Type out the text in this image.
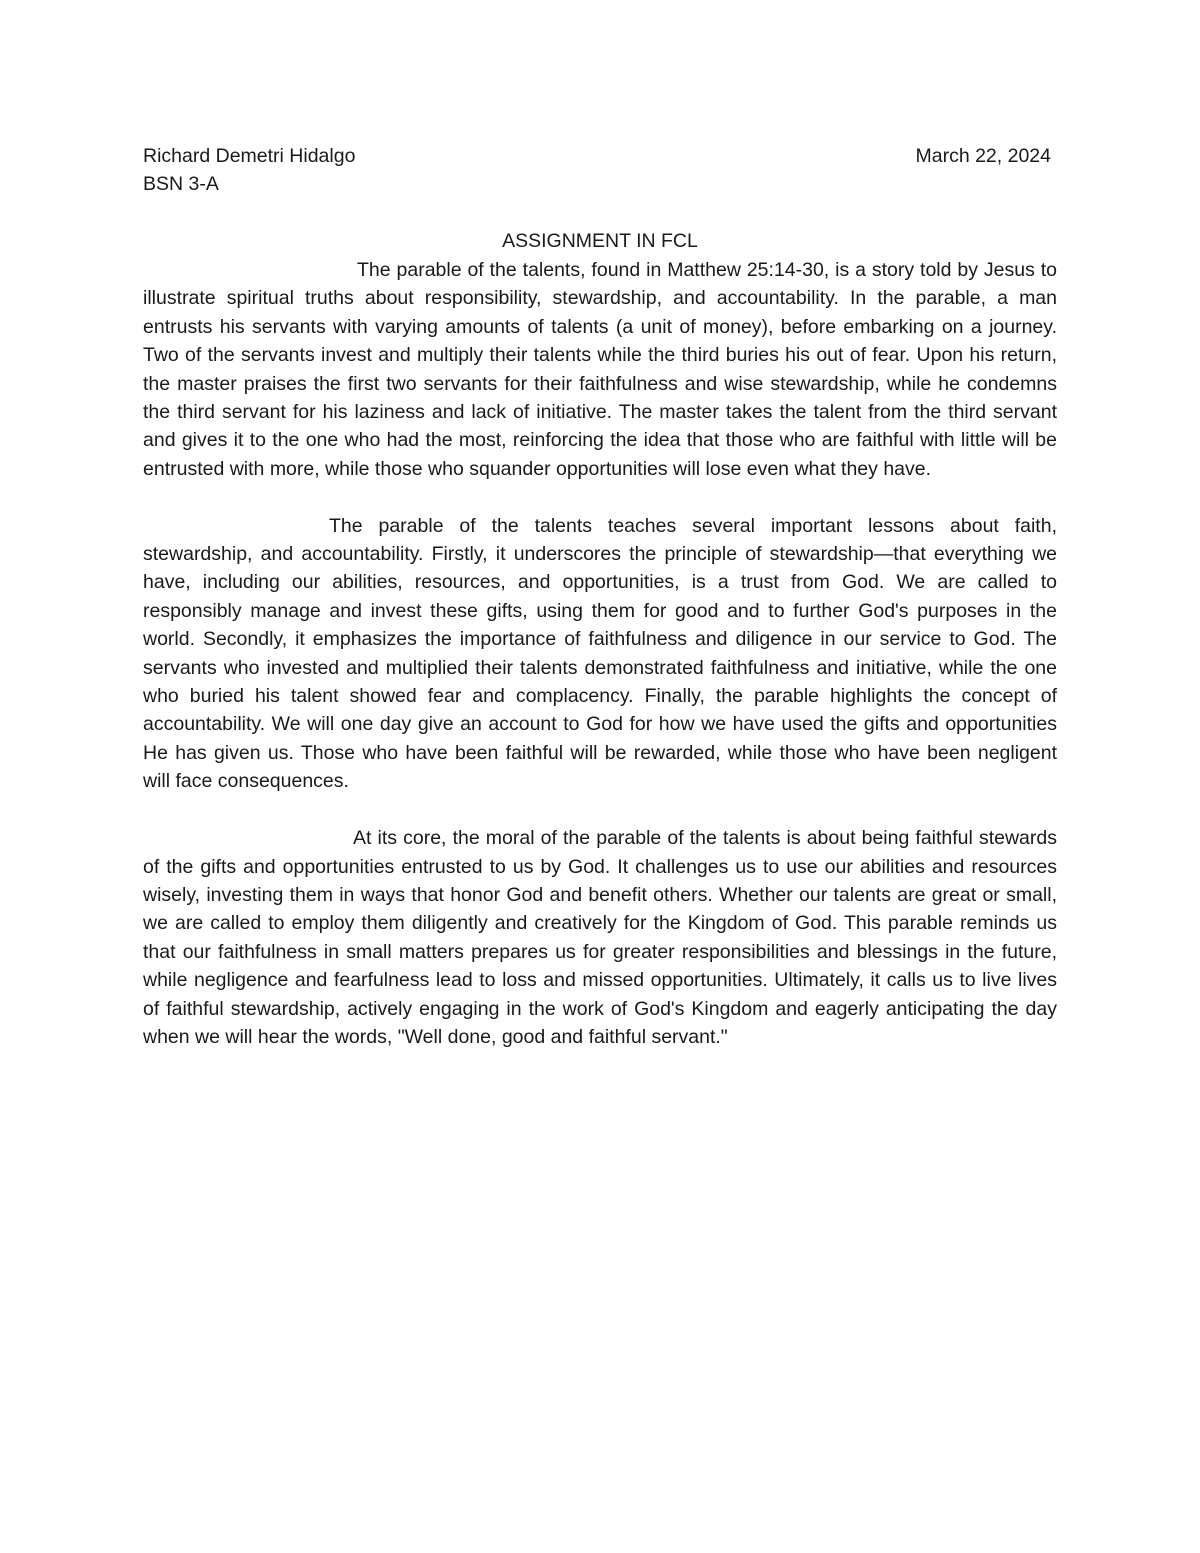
Richard Demetri Hidalgo	March 22, 2024
BSN 3-A
ASSIGNMENT IN FCL

The parable of the talents, found in Matthew 25:14-30, is a story told by Jesus to illustrate spiritual truths about responsibility, stewardship, and accountability. In the parable, a man entrusts his servants with varying amounts of talents (a unit of money), before embarking on a journey. Two of the servants invest and multiply their talents while the third buries his out of fear. Upon his return, the master praises the first two servants for their faithfulness and wise stewardship, while he condemns the third servant for his laziness and lack of initiative. The master takes the talent from the third servant and gives it to the one who had the most, reinforcing the idea that those who are faithful with little will be entrusted with more, while those who squander opportunities will lose even what they have.

The parable of the talents teaches several important lessons about faith, stewardship, and accountability. Firstly, it underscores the principle of stewardship—that everything we have, including our abilities, resources, and opportunities, is a trust from God. We are called to responsibly manage and invest these gifts, using them for good and to further God's purposes in the world. Secondly, it emphasizes the importance of faithfulness and diligence in our service to God. The servants who invested and multiplied their talents demonstrated faithfulness and initiative, while the one who buried his talent showed fear and complacency. Finally, the parable highlights the concept of accountability. We will one day give an account to God for how we have used the gifts and opportunities He has given us. Those who have been faithful will be rewarded, while those who have been negligent will face consequences.

At its core, the moral of the parable of the talents is about being faithful stewards of the gifts and opportunities entrusted to us by God. It challenges us to use our abilities and resources wisely, investing them in ways that honor God and benefit others. Whether our talents are great or small, we are called to employ them diligently and creatively for the Kingdom of God. This parable reminds us that our faithfulness in small matters prepares us for greater responsibilities and blessings in the future, while negligence and fearfulness lead to loss and missed opportunities. Ultimately, it calls us to live lives of faithful stewardship, actively engaging in the work of God's Kingdom and eagerly anticipating the day when we will hear the words, "Well done, good and faithful servant."
